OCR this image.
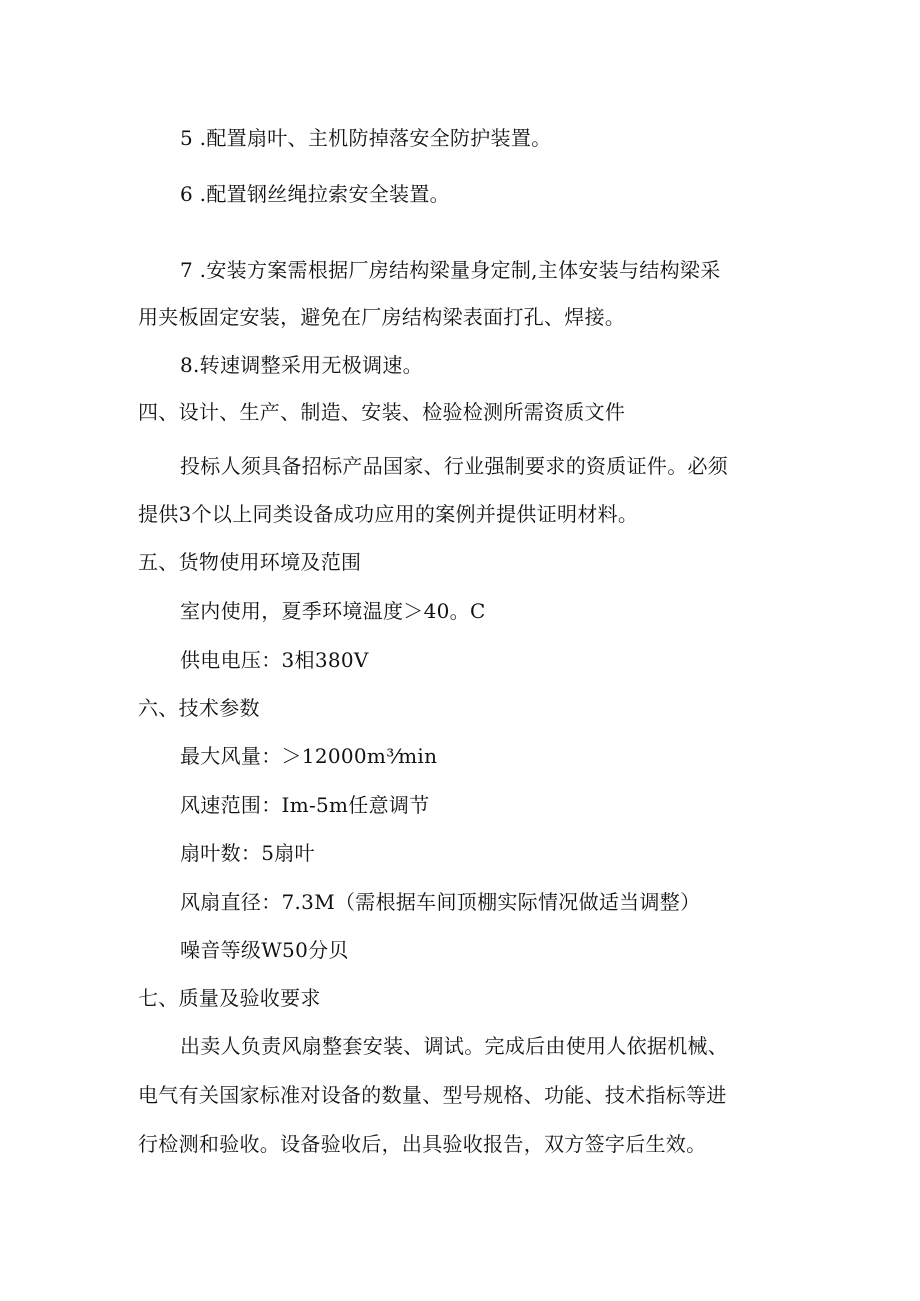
5 .配置扇叶、主机防掉落安全防护装置。
6 .配置钢丝绳拉索安全装置。
7 .安装方案需根据厂房结构梁量身定制,主体安装与结构梁采
用夹板固定安装，避免在厂房结构梁表面打孔、焊接。
8.转速调整采用无极调速。
四、设计、生产、制造、安装、检验检测所需资质文件
投标人须具备招标产品国家、行业强制要求的资质证件。必须
提供3个以上同类设备成功应用的案例并提供证明材料。
五、货物使用环境及范围
室内使用，夏季环境温度＞40。C
供电电压：3相380V
六、技术参数
最大风量：＞12000m³⁄min
风速范围：Im-5m任意调节
扇叶数：5扇叶
风扇直径：7.3M（需根据车间顶棚实际情况做适当调整）
噪音等级W50分贝
七、质量及验收要求
出卖人负责风扇整套安装、调试。完成后由使用人依据机械、
电气有关国家标准对设备的数量、型号规格、功能、技术指标等进
行检测和验收。设备验收后，出具验收报告，双方签字后生效。
